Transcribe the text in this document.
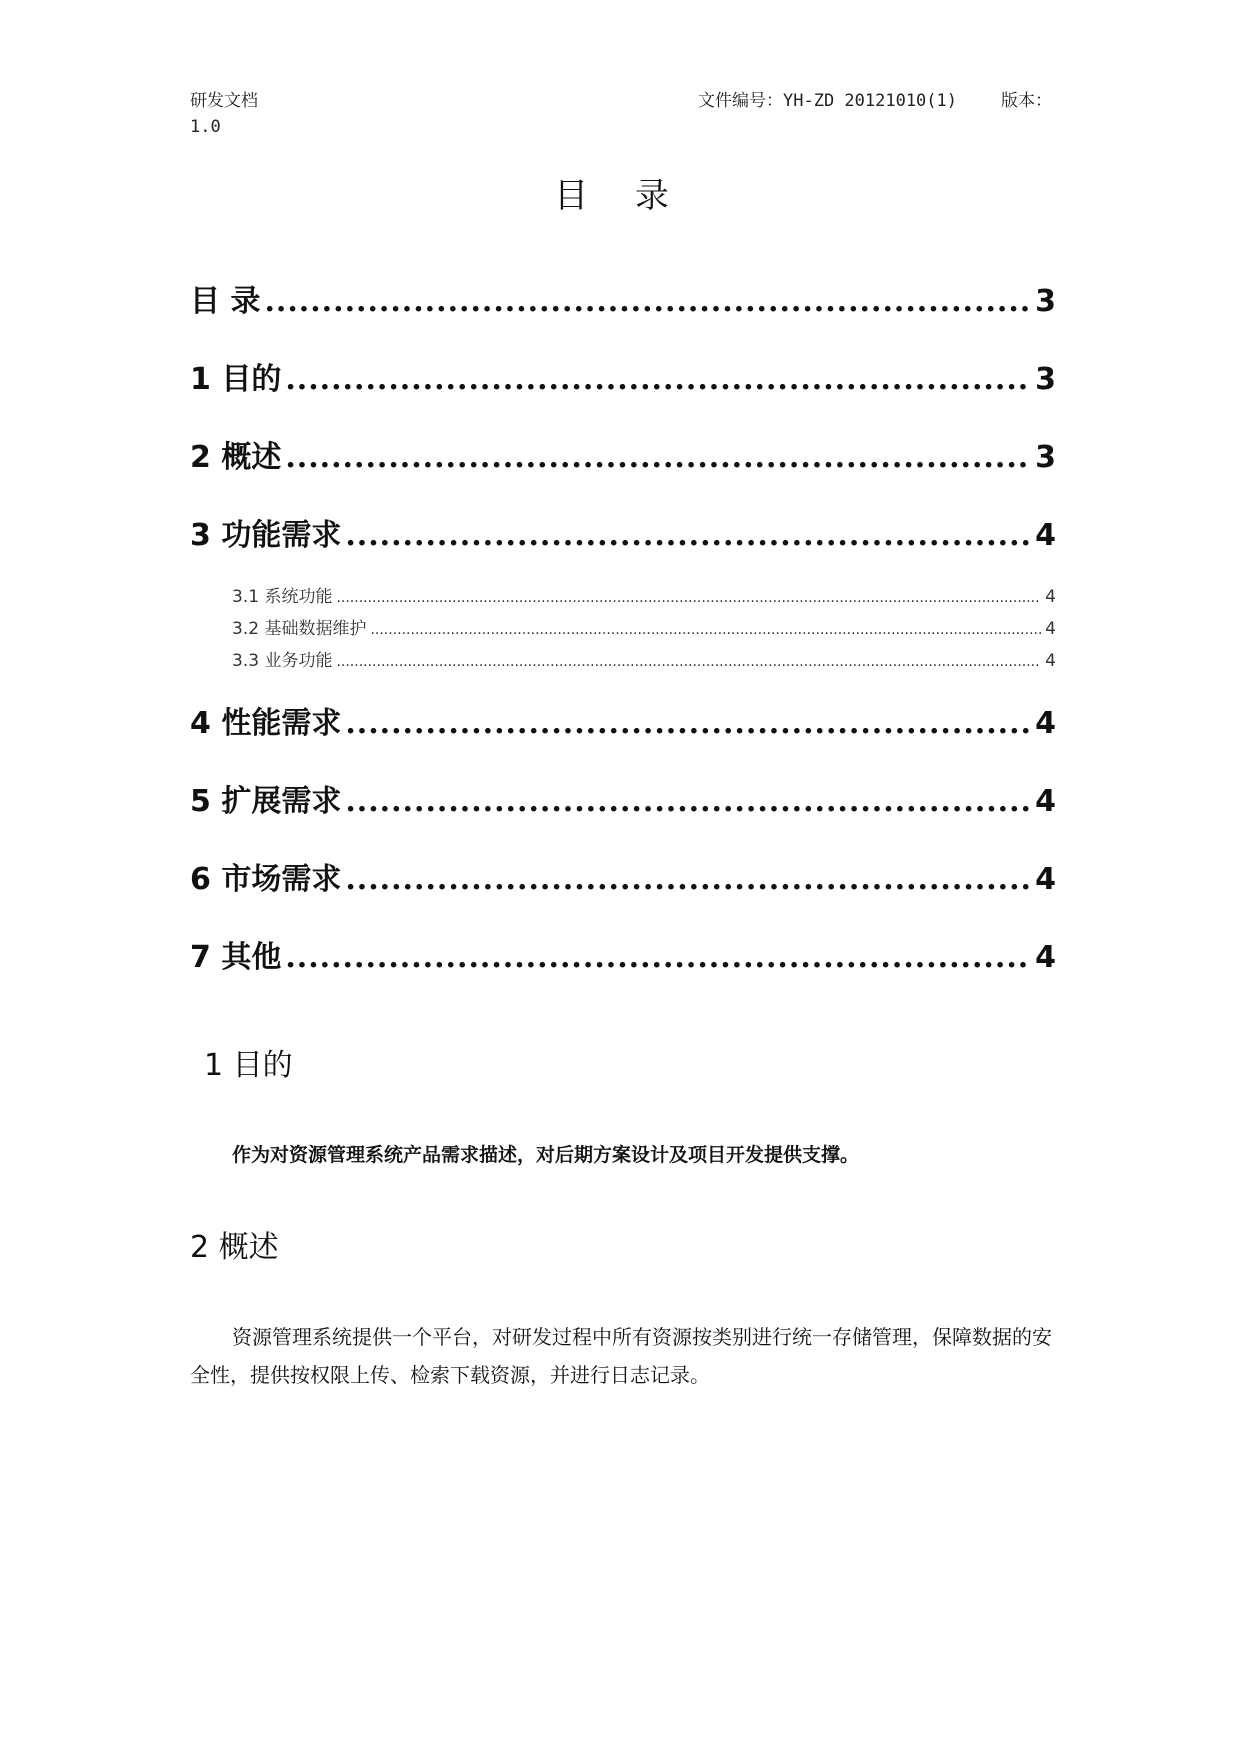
研发文档
1.0
文件编号：YH-ZD 20121010(1)	版本：
目 录
目 录 .....	3
1 目的 .....	3
2 概述 .....	3
3 功能需求 .....	4
3.1 系统功能 .....	4
3.2 基础数据维护 .....	4
3.3 业务功能 .....	4
4 性能需求 .....	4
5 扩展需求 .....	4
6 市场需求 .....	4
7 其他 .....	4
1 目的
作为对资源管理系统产品需求描述，对后期方案设计及项目开发提供支撑。
2 概述
资源管理系统提供一个平台，对研发过程中所有资源按类别进行统一存储管理，保障数据的安全性，提供按权限上传、检索下载资源，并进行日志记录。
